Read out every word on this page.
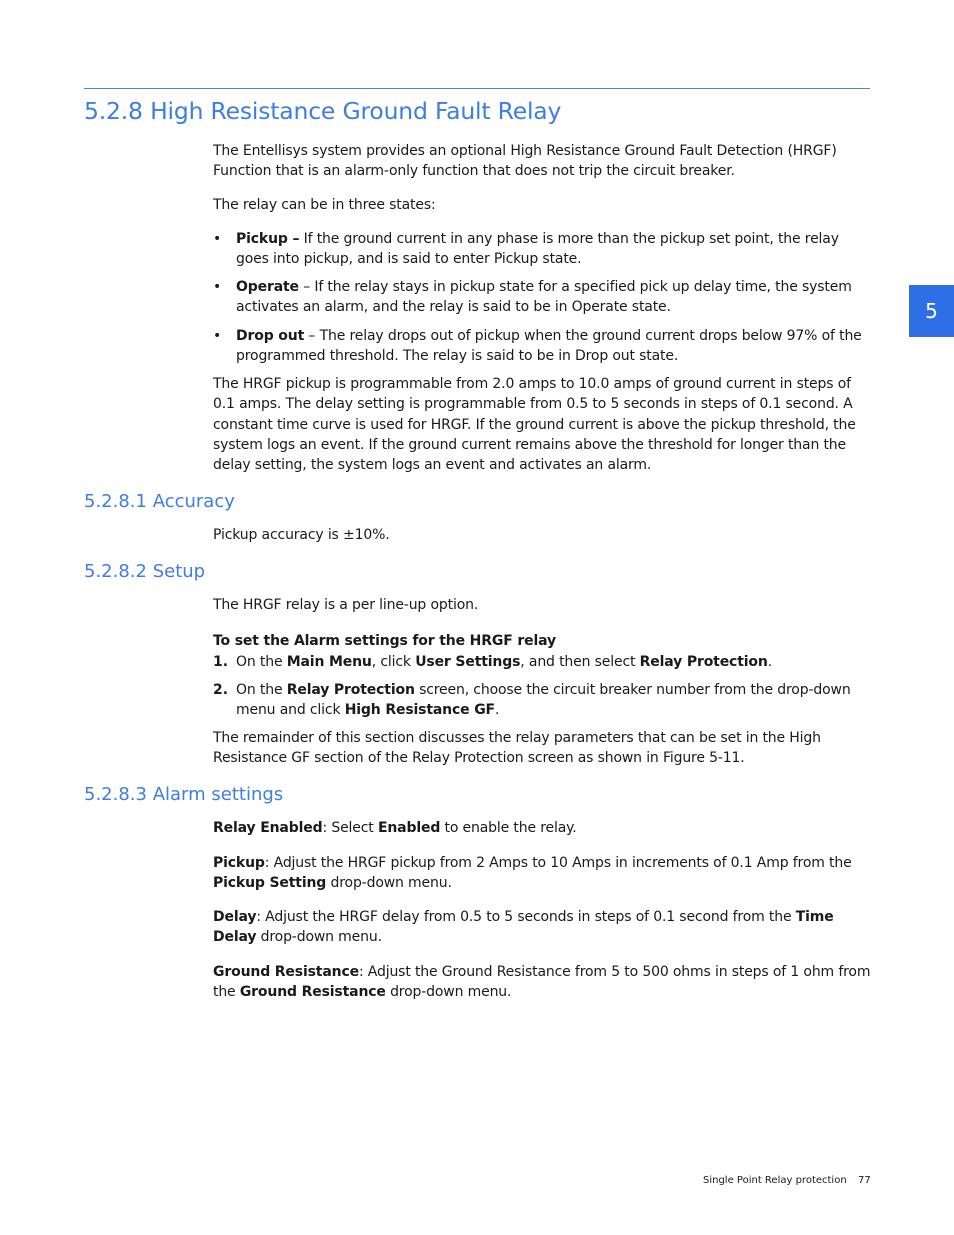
5.2.8 High Resistance Ground Fault Relay

The Entellisys system provides an optional High Resistance Ground Fault Detection (HRGF) Function that is an alarm-only function that does not trip the circuit breaker.

The relay can be in three states:

• Pickup – If the ground current in any phase is more than the pickup set point, the relay goes into pickup, and is said to enter Pickup state.

• Operate – If the relay stays in pickup state for a specified pick up delay time, the system activates an alarm, and the relay is said to be in Operate state.

• Drop out – The relay drops out of pickup when the ground current drops below 97% of the programmed threshold. The relay is said to be in Drop out state.

The HRGF pickup is programmable from 2.0 amps to 10.0 amps of ground current in steps of 0.1 amps. The delay setting is programmable from 0.5 to 5 seconds in steps of 0.1 second. A constant time curve is used for HRGF. If the ground current is above the pickup threshold, the system logs an event. If the ground current remains above the threshold for longer than the delay setting, the system logs an event and activates an alarm.

5.2.8.1 Accuracy

Pickup accuracy is ±10%.

5.2.8.2 Setup

The HRGF relay is a per line-up option.

To set the Alarm settings for the HRGF relay

1. On the Main Menu, click User Settings, and then select Relay Protection.

2. On the Relay Protection screen, choose the circuit breaker number from the drop-down menu and click High Resistance GF.

The remainder of this section discusses the relay parameters that can be set in the High Resistance GF section of the Relay Protection screen as shown in Figure 5-11.

5.2.8.3 Alarm settings

Relay Enabled: Select Enabled to enable the relay.

Pickup: Adjust the HRGF pickup from 2 Amps to 10 Amps in increments of 0.1 Amp from the Pickup Setting drop-down menu.

Delay: Adjust the HRGF delay from 0.5 to 5 seconds in steps of 0.1 second from the Time Delay drop-down menu.

Ground Resistance: Adjust the Ground Resistance from 5 to 500 ohms in steps of 1 ohm from the Ground Resistance drop-down menu.

5
Single Point Relay protection 77
